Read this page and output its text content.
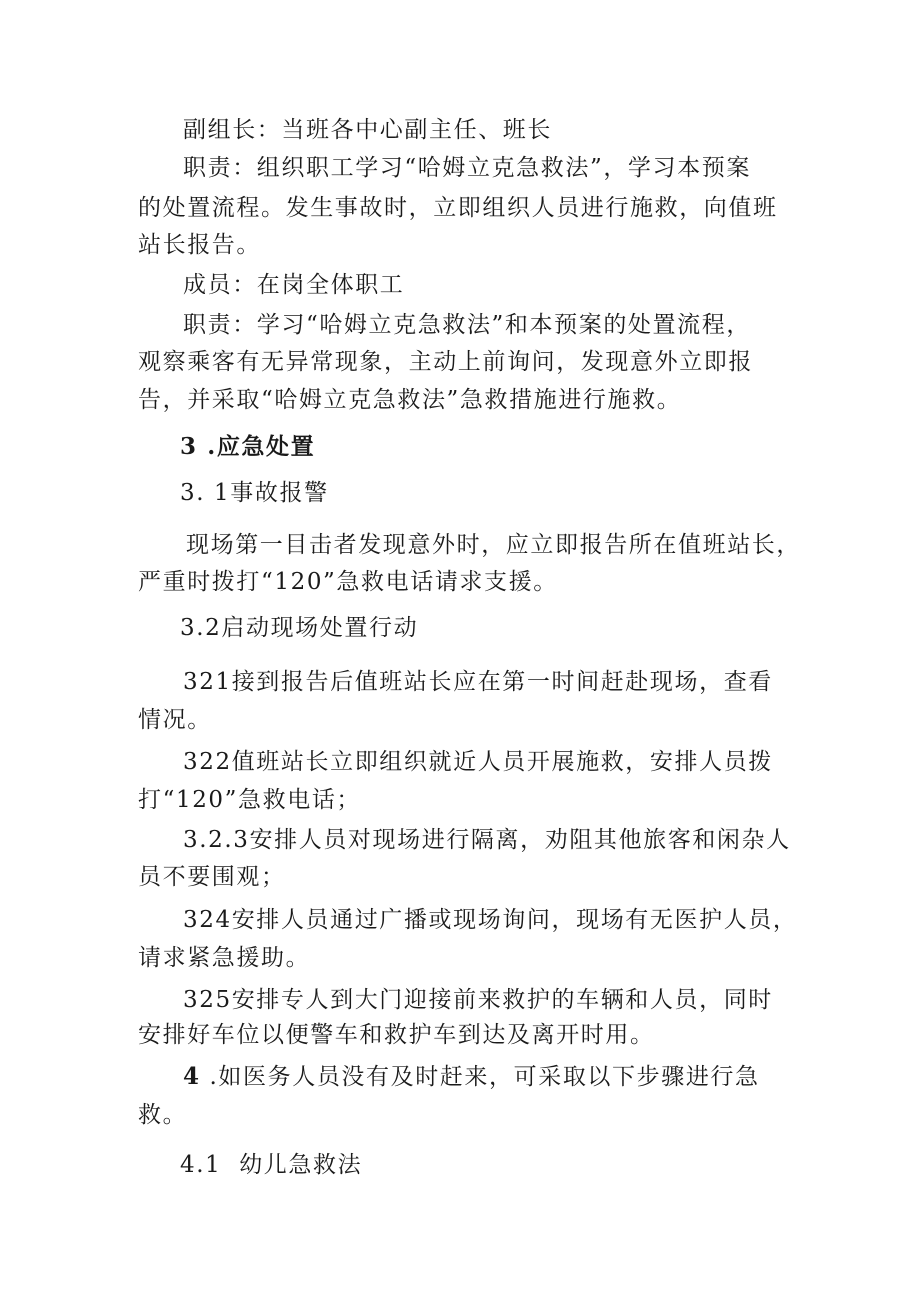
副组长：当班各中心副主任、班长
职责：组织职工学习“哈姆立克急救法”，学习本预案
的处置流程。发生事故时，立即组织人员进行施救，向值班
站长报告。
成员：在岗全体职工
职责：学习“哈姆立克急救法”和本预案的处置流程，
观察乘客有无异常现象，主动上前询问，发现意外立即报
告，并采取“哈姆立克急救法”急救措施进行施救。
3 .应急处置
3. 1事故报警
现场第一目击者发现意外时，应立即报告所在值班站长，
严重时拨打“120”急救电话请求支援。
3.2启动现场处置行动
321接到报告后值班站长应在第一时间赶赴现场，查看
情况。
322值班站长立即组织就近人员开展施救，安排人员拨
打“120”急救电话；
3.2.3安排人员对现场进行隔离，劝阻其他旅客和闲杂人
员不要围观；
324安排人员通过广播或现场询问，现场有无医护人员，
请求紧急援助。
325安排专人到大门迎接前来救护的车辆和人员，同时
安排好车位以便警车和救护车到达及离开时用。
4 .如医务人员没有及时赶来，可采取以下步骤进行急
救。
4.1  幼儿急救法
